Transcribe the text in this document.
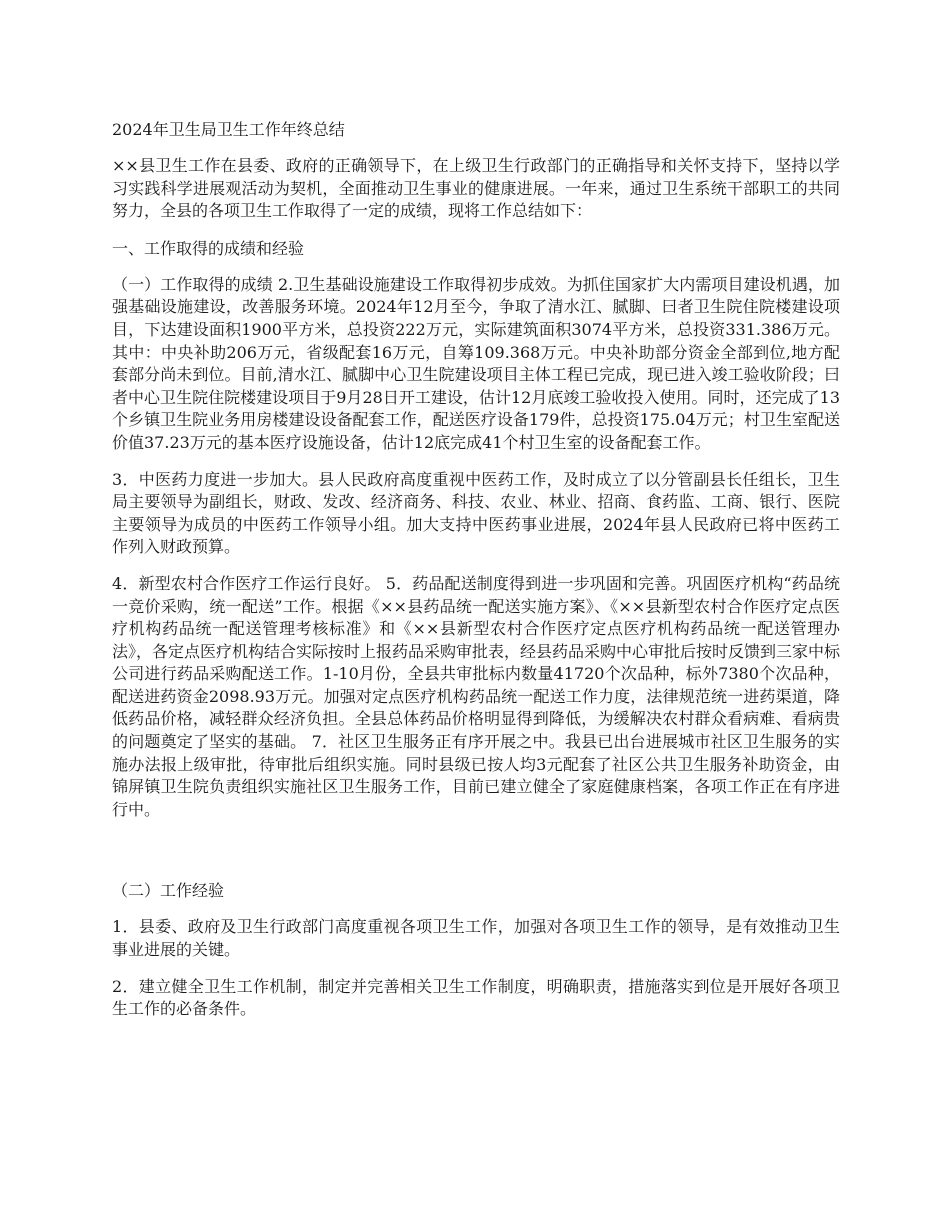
2024年卫生局卫生工作年终总结

××县卫生工作在县委、政府的正确领导下，在上级卫生行政部门的正确指导和关怀支持下，坚持以学习实践科学进展观活动为契机，全面推动卫生事业的健康进展。一年来，通过卫生系统干部职工的共同努力，全县的各项卫生工作取得了一定的成绩，现将工作总结如下：

一、工作取得的成绩和经验

（一）工作取得的成绩 2.卫生基础设施建设工作取得初步成效。为抓住国家扩大内需项目建设机遇，加强基础设施建设，改善服务环境。2024年12月至今，争取了清水江、腻脚、曰者卫生院住院楼建设项目，下达建设面积1900平方米，总投资222万元，实际建筑面积3074平方米，总投资331.386万元。其中：中央补助206万元，省级配套16万元，自筹109.368万元。中央补助部分资金全部到位,地方配套部分尚未到位。目前,清水江、腻脚中心卫生院建设项目主体工程已完成，现已进入竣工验收阶段；曰者中心卫生院住院楼建设项目于9月28日开工建设，估计12月底竣工验收投入使用。同时，还完成了13个乡镇卫生院业务用房楼建设设备配套工作，配送医疗设备179件，总投资175.04万元；村卫生室配送价值37.23万元的基本医疗设施设备，估计12底完成41个村卫生室的设备配套工作。

3．中医药力度进一步加大。县人民政府高度重视中医药工作，及时成立了以分管副县长任组长，卫生局主要领导为副组长，财政、发改、经济商务、科技、农业、林业、招商、食药监、工商、银行、医院主要领导为成员的中医药工作领导小组。加大支持中医药事业进展，2024年县人民政府已将中医药工作列入财政预算。

4．新型农村合作医疗工作运行良好。 5．药品配送制度得到进一步巩固和完善。巩固医疗机构“药品统一竞价采购，统一配送”工作。根据《××县药品统一配送实施方案》、《××县新型农村合作医疗定点医疗机构药品统一配送管理考核标准》和《××县新型农村合作医疗定点医疗机构药品统一配送管理办法》，各定点医疗机构结合实际按时上报药品采购审批表，经县药品采购中心审批后按时反馈到三家中标公司进行药品采购配送工作。1-10月份，全县共审批标内数量41720个次品种，标外7380个次品种，配送进药资金2098.93万元。加强对定点医疗机构药品统一配送工作力度，法律规范统一进药渠道，降低药品价格，减轻群众经济负担。全县总体药品价格明显得到降低，为缓解决农村群众看病难、看病贵的问题奠定了坚实的基础。 7．社区卫生服务正有序开展之中。我县已出台进展城市社区卫生服务的实施办法报上级审批，待审批后组织实施。同时县级已按人均3元配套了社区公共卫生服务补助资金，由锦屏镇卫生院负责组织实施社区卫生服务工作，目前已建立健全了家庭健康档案，各项工作正在有序进行中。

（二）工作经验

1．县委、政府及卫生行政部门高度重视各项卫生工作，加强对各项卫生工作的领导，是有效推动卫生事业进展的关键。

2．建立健全卫生工作机制，制定并完善相关卫生工作制度，明确职责，措施落实到位是开展好各项卫生工作的必备条件。
